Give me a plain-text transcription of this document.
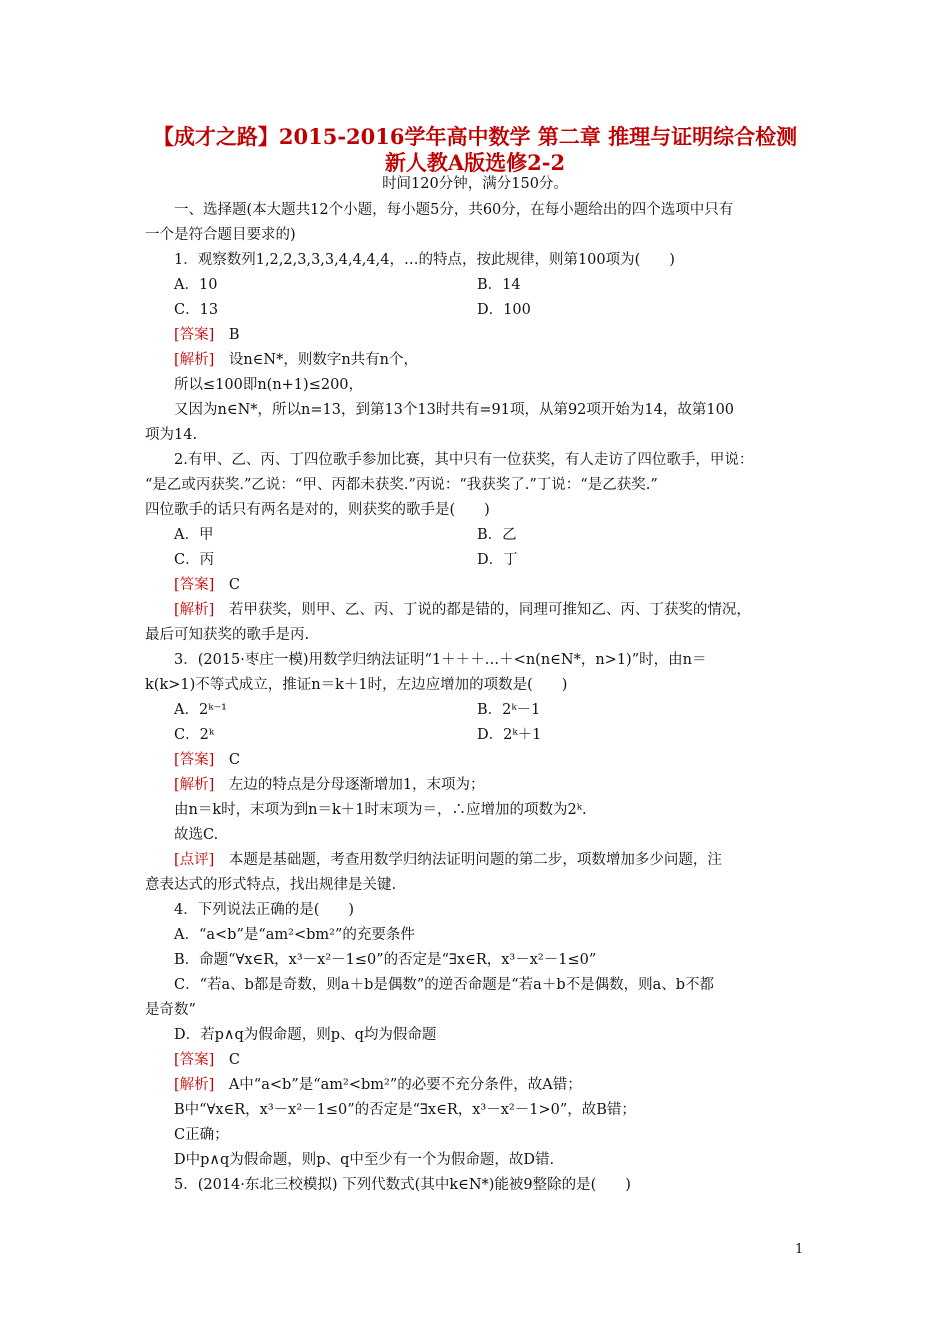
【成才之路】2015-2016学年高中数学 第二章 推理与证明综合检测
新人教A版选修2-2
时间120分钟，满分150分。

一、选择题(本大题共12个小题，每小题5分，共60分，在每小题给出的四个选项中只有

一个是符合题目要求的)

1．观察数列1,2,2,3,3,3,4,4,4,4，…的特点，按此规律，则第100项为(　　)

A．10	B．14
C．13	D．100

[答案]　B

[解析]　设n∈N*，则数字n共有n个，

所以≤100即n(n+1)≤200，

又因为n∈N*，所以n=13，到第13个13时共有=91项，从第92项开始为14，故第100

项为14.

2.有甲、乙、丙、丁四位歌手参加比赛，其中只有一位获奖，有人走访了四位歌手，甲说：

“是乙或丙获奖.”乙说：“甲、丙都未获奖.”丙说：“我获奖了.”丁说：“是乙获奖.”

四位歌手的话只有两名是对的，则获奖的歌手是(　　)

A．甲	B．乙
C．丙	D．丁

[答案]　C

[解析]　若甲获奖，则甲、乙、丙、丁说的都是错的，同理可推知乙、丙、丁获奖的情况，

最后可知获奖的歌手是丙.

3．(2015·枣庄一模)用数学归纳法证明“1＋＋＋…＋<n(n∈N*，n>1)”时，由n＝

k(k>1)不等式成立，推证n＝k＋1时，左边应增加的项数是(　　)

A．2ᵏ⁻¹	B．2ᵏ－1
C．2ᵏ	D．2ᵏ＋1

[答案]　C

[解析]　左边的特点是分母逐渐增加1，末项为；

由n＝k时，末项为到n＝k＋1时末项为＝，∴应增加的项数为2ᵏ.

故选C.

[点评]　本题是基础题，考查用数学归纳法证明问题的第二步，项数增加多少问题，注

意表达式的形式特点，找出规律是关键.

4．下列说法正确的是(　　)

A．“a<b”是“am²<bm²”的充要条件

B．命题“∀x∈R，x³－x²－1≤0”的否定是“∃x∈R，x³－x²－1≤0”

C．“若a、b都是奇数，则a＋b是偶数”的逆否命题是“若a＋b不是偶数，则a、b不都

是奇数”

D．若p∧q为假命题，则p、q均为假命题

[答案]　C

[解析]　A中“a<b”是“am²<bm²”的必要不充分条件，故A错；

B中“∀x∈R，x³－x²－1≤0”的否定是“∃x∈R，x³－x²－1>0”，故B错；

C正确；

D中p∧q为假命题，则p、q中至少有一个为假命题，故D错.

5．(2014·东北三校模拟) 下列代数式(其中k∈N*)能被9整除的是(　　)

1
